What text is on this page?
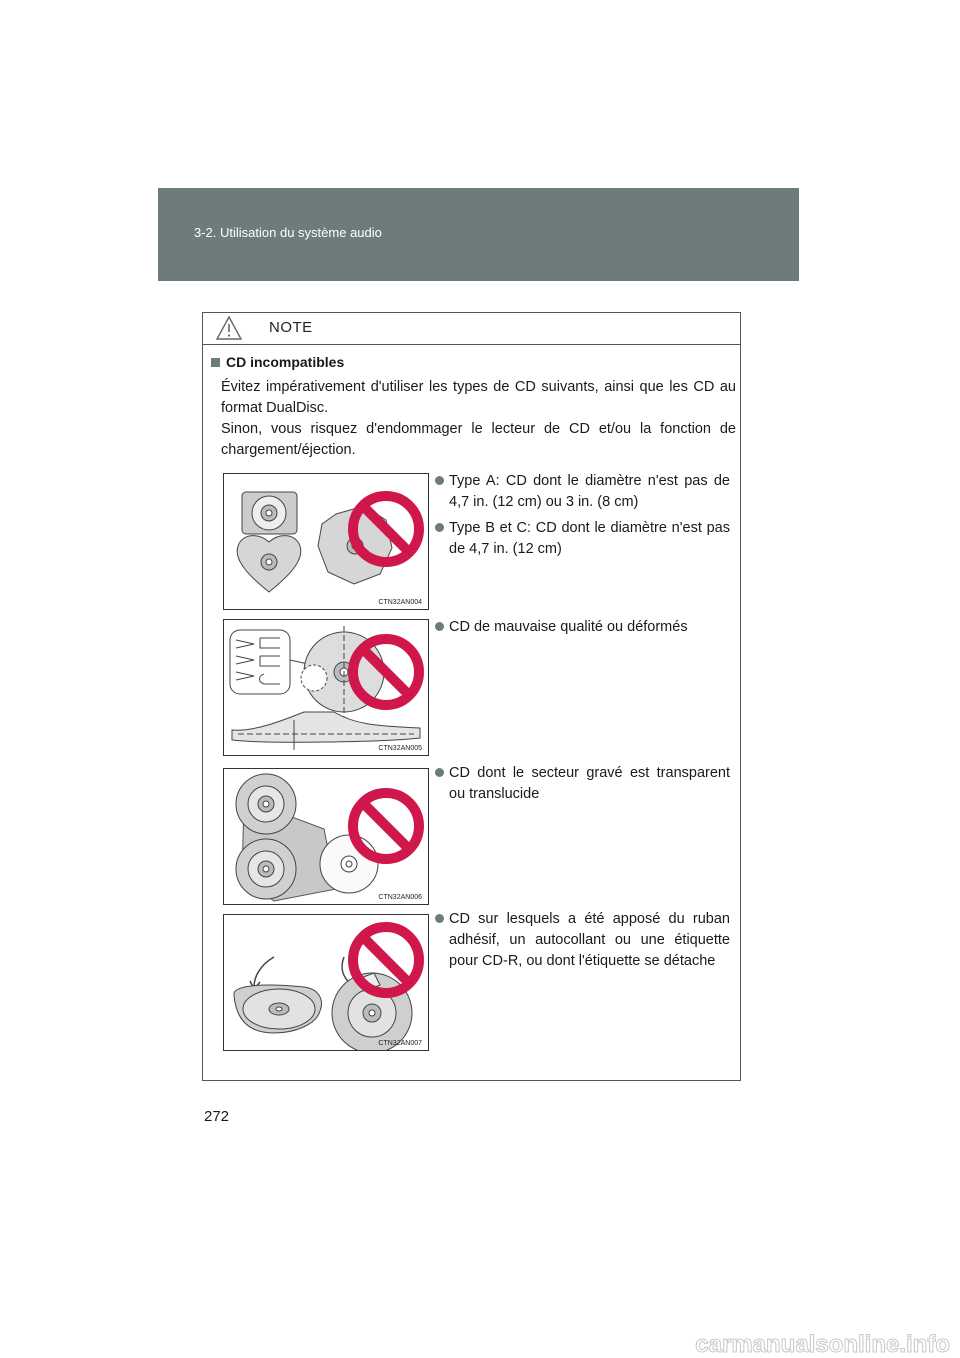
3-2. Utilisation du système audio
NOTE
CD incompatibles
Évitez impérativement d'utiliser les types de CD suivants, ainsi que les CD au format DualDisc.
Sinon, vous risquez d'endommager le lecteur de CD et/ou la fonction de chargement/éjection.
CTN32AN004
Type A: CD dont le diamètre n'est pas de 4,7 in. (12 cm) ou 3 in. (8 cm)
Type B et C: CD dont le diamètre n'est pas de 4,7 in. (12 cm)
CTN32AN005
CD de mauvaise qualité ou déformés
CTN32AN006
CD dont le secteur gravé est transparent ou translucide
CTN32AN007
CD sur lesquels a été apposé du ruban adhésif, un autocollant ou une étiquette pour CD-R, ou dont l'étiquette se détache
272
carmanualsonline.info
